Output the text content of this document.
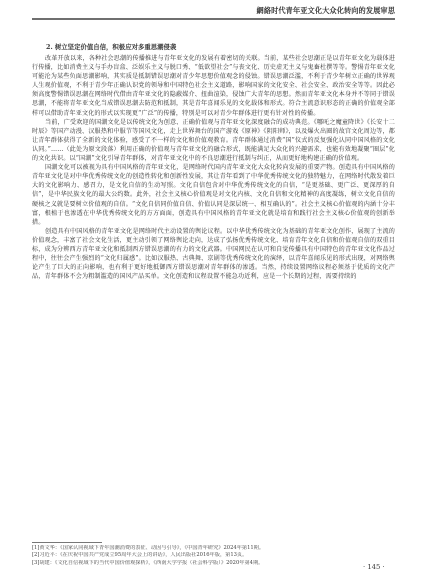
網絡时代青年亚文化大众化转向的发展审思
2. 树立坚定价值自信，积极应对多重思潮侵袭

改革开放以来，各种社会思潮的传播推进与青年亚文化的发展有着密切的关联。当前，某些社会思潮正是以青年亚文化为载体进行传播，比如消费主义与手办盲盒、泛娱乐主义与脱口秀、“低欲望社会”与丧文化、历史虚无主义与鬼畜杜撰等等。警惕青年亚文化可能沦为某些负面思潮影响，其实质是抵制错误思潮对青少年思想价值观念的侵蚀。错误思潮泛滥，不利于青少年树立正确的世界观人生观价值观，不利于青少年正确认识党的领导和中国特色社会主义道路，影响国家的文化安全、社会安全、政治安全等等。因此必须高度警惕错误思潮在网络时代借由青年亚文化的隐蔽媒介、扭曲渲染，侵蚀广大青年的思想。然而青年亚文化本身并不等同于错误思潮，不能将青年亚文化当成错误思潮去防范和抵制，其是青年喜闻乐见的文化载体和形式。符合主流意识形态的正确的价值观全部样可以借助青年亚文化的形式以实现更“广泛”的传播，特别是可以对青少年群体进行更有针对性的传播。

当前，广受欢迎的国潮文化是以传统文化为创意、正确价值观与青年亚文化深度融合的成功典范。《哪吒之魔童降世》《长安十二时辰》等国产动漫、汉服热和中服节等国风文化，走上世界舞台的国产游戏《原神》《阴阳师》，以及爆火出圈的故宫文化周边等，都让青年群体获得了全新的文化体验，感受了不一样的文化和价值观教育。青年群体通过消费“国”仪式的反复强化认同中国风格的文化认同。”……（此处为原文段落）利用正确的价值观与青年亚文化的融合形式，既能满足大众化的兴趣需求，也能有效地凝聚“圈层”化的文化共识。以“国潮”文化引导青年群体，对青年亚文化中的不良思潮进行抵制与纠正，从而更好地构建正确的价值观。

国潮文化可以被视为具有中国风格的青年亚文化，是网络时代国内青年亚文化大众化转向发展的重要产物。创造具有中国风格的青年亚文化是对中华优秀传统文化的创造性转化和创新性发展，其让青年看到了中华优秀传统文化的独特魅力，在网络时代散发着巨大的文化影响力、感召力，是文化自信的生动写照。文化自信包含对中华优秀传统文化的自信，“是更基础、更广泛、更深厚的自信”，是中华民族文化的最大公约数。此外，社会主义核心价值观是对文化内核、文化自信和文化精神的高度凝练，树立文化自信的硬核之义就是要树立价值观的自信。“文化自信同价值自信、价值认同是深层统一、相互确认的”。社会主义核心价值观的内涵十分丰富，根植于也渗透在中华优秀传统文化的方方面面，创造具有中国风格的青年亚文化就是培育和践行社会主义核心价值观的创新举措。

创造具有中国风格的青年亚文化是网络时代主动设置的舆论议程。以中华优秀传统文化为基础的青年亚文化创作，展现了主流的价值观念，丰富了社会文化生活，更主动引领了网络舆论走向，达成了弘扬优秀传统文化、培育青年文化自信和价值观自信的双重目标，成为分辨西方青年亚文化和抵制西方错误思潮的有力的文化武器。中国网民在认可和自觉传播具有中国特色的青年亚文化作品过程中，往往会产生强烈的“文化归属感”。比如汉服热、古典舞、京剧等优秀传统文化的演绎，以青年喜闻乐见的形式出现，对网络舆论产生了巨大的正向影响，也有利于更好地抵御西方错误思潮对青年群体的渗透。当然，持续设置网络议程必须基于优质的文化产品，青年群体不会为粗制滥造的国风产品买单。文化创造和议程设置不能急功近利，应是一个长期的过程，需要持续的

[1]黄文华：《国家认同视域下青年国潮消费的表征、动因与引导》，《中国青年研究》2024年第11期。
[2]习近平：《在庆祝中国共产党成立95周年大会上的讲话》，人民出版社2016年版，第13页。
[3]胡建：《文化自信视域下的当代中国价值观探析》，《西南大学学报（社会科学版）》2020年第4期。
· 145 ·
